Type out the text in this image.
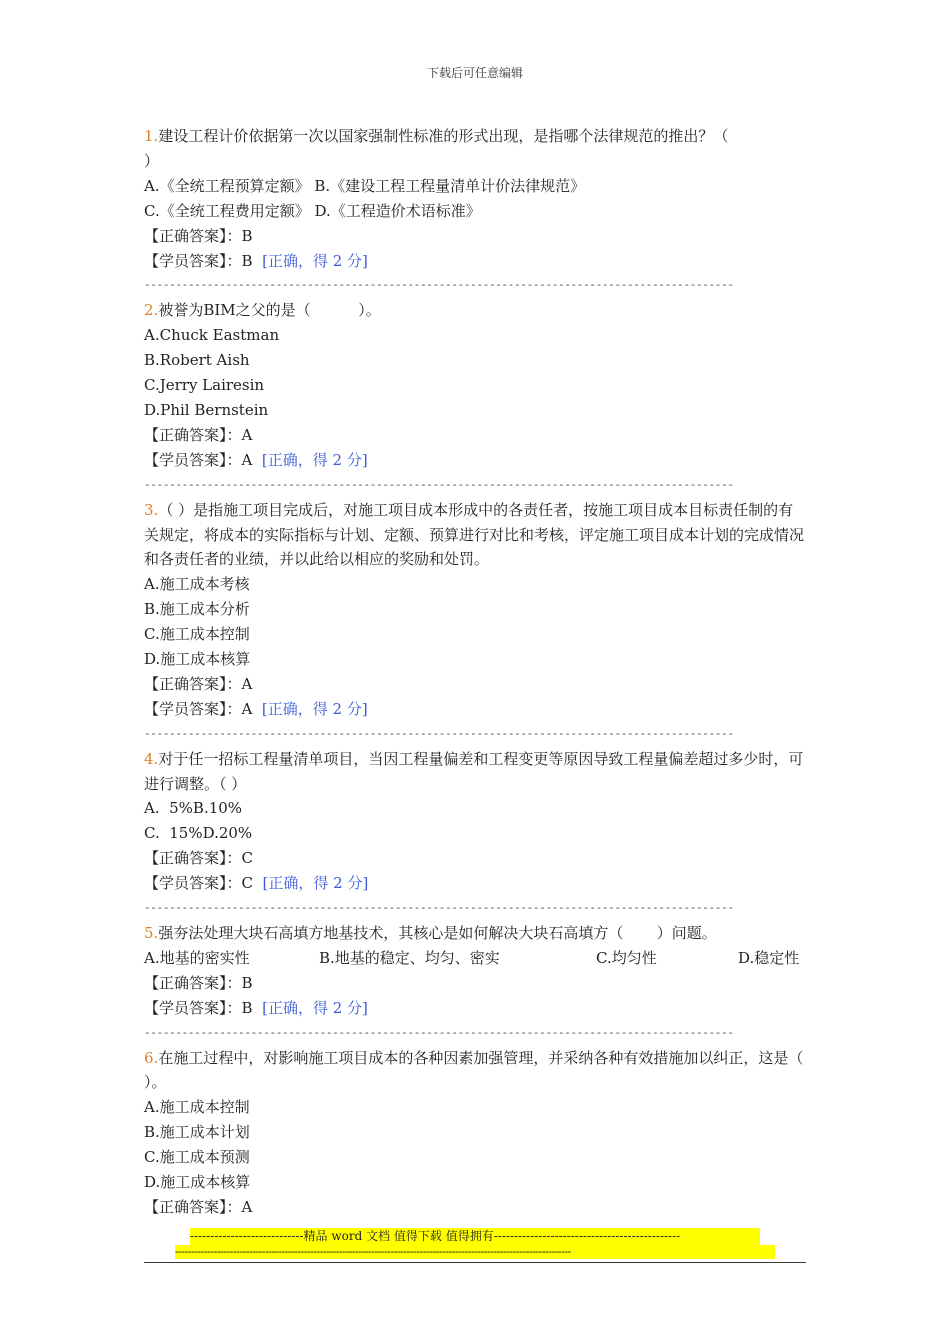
下载后可任意编辑
1.建设工程计价依据第一次以国家强制性标准的形式出现，是指哪个法律规范的推出？（
）
A.《全统工程预算定额》 B.《建设工程工程量清单计价法律规范》
C.《全统工程费用定额》 D.《工程造价术语标准》
【正确答案】：B
【学员答案】：B [正确，得 2 分]
----------------------------------------------------------------------------------------------
2.被誉为BIM之父的是（          ）。
A.Chuck Eastman
B.Robert Aish
C.Jerry Lairesin
D.Phil Bernstein
【正确答案】：A
【学员答案】：A [正确，得 2 分]
----------------------------------------------------------------------------------------------
3.（ ）是指施工项目完成后，对施工项目成本形成中的各责任者，按施工项目成本目标责任制的有关规定，将成本的实际指标与计划、定额、预算进行对比和考核，评定施工项目成本计划的完成情况和各责任者的业绩，并以此给以相应的奖励和处罚。
A.施工成本考核
B.施工成本分析
C.施工成本控制
D.施工成本核算
【正确答案】：A
【学员答案】：A [正确，得 2 分]
----------------------------------------------------------------------------------------------
4.对于任一招标工程量清单项目，当因工程量偏差和工程变更等原因导致工程量偏差超过多少时，可进行调整。（ ）
A.  5%B.10%
C.  15%D.20%
【正确答案】：C
【学员答案】：C [正确，得 2 分]
----------------------------------------------------------------------------------------------
5.强夯法处理大块石高填方地基技术，其核心是如何解决大块石高填方（       ）问题。
A.地基的密实性	B.地基的稳定、均匀、密实	C.均匀性	D.稳定性
【正确答案】：B
【学员答案】：B [正确，得 2 分]
----------------------------------------------------------------------------------------------
6.在施工过程中，对影响施工项目成本的各种因素加强管理，并采纳各种有效措施加以纠正，这是（ ）。
A.施工成本控制
B.施工成本计划
C.施工成本预测
D.施工成本核算
【正确答案】：A
----------------------------精品 word 文档 值得下载 值得拥有----------------------------------------------
---------------------------------------------------------------------------------------------------------------------------
